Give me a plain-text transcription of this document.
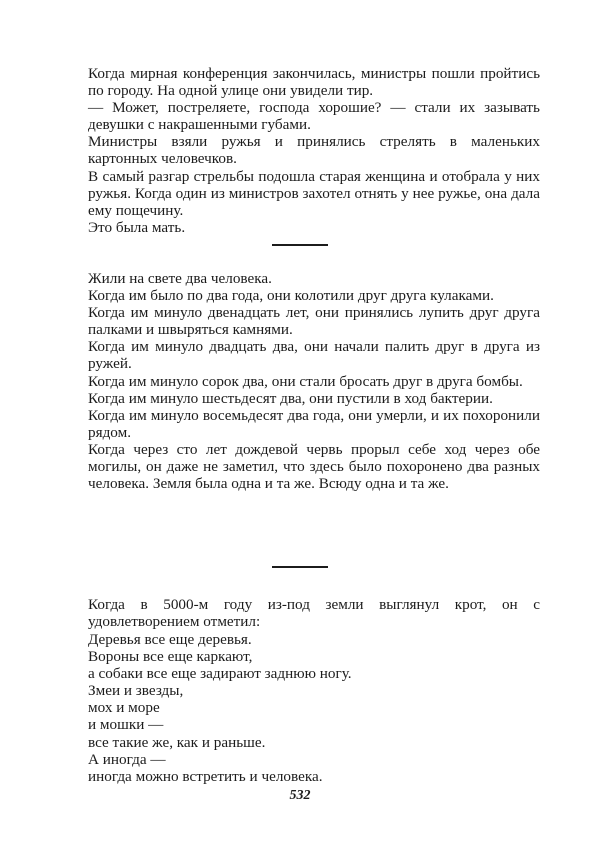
Когда мирная конференция закончилась, министры пошли пройтись по городу. На одной улице они увидели тир.

— Может, постреляете, господа хорошие? — стали их зазывать девушки с накрашенными губами.

Министры взяли ружья и принялись стрелять в маленьких картонных человечков.

В самый разгар стрельбы подошла старая женщина и отобрала у них ружья. Когда один из министров захотел отнять у нее ружье, она дала ему пощечину.

Это была мать.

Жили на свете два человека.

Когда им было по два года, они колотили друг друга кулаками.

Когда им минуло двенадцать лет, они принялись лупить друг друга палками и швыряться камнями.

Когда им минуло двадцать два, они начали палить друг в друга из ружей.

Когда им минуло сорок два, они стали бросать друг в друга бомбы.

Когда им минуло шестьдесят два, они пустили в ход бактерии.

Когда им минуло восемьдесят два года, они умерли, и их похоронили рядом.

Когда через сто лет дождевой червь прорыл себе ход через обе могилы, он даже не заметил, что здесь было похоронено два разных человека. Земля была одна и та же. Всюду одна и та же.

Когда в 5000-м году из-под земли выглянул крот, он с удовлетворением отметил:

Деревья все еще деревья.

Вороны все еще каркают,

а собаки все еще задирают заднюю ногу.

Змеи и звезды,

мох и море

и мошки —

все такие же, как и раньше.

А иногда —

иногда можно встретить и человека.

532
